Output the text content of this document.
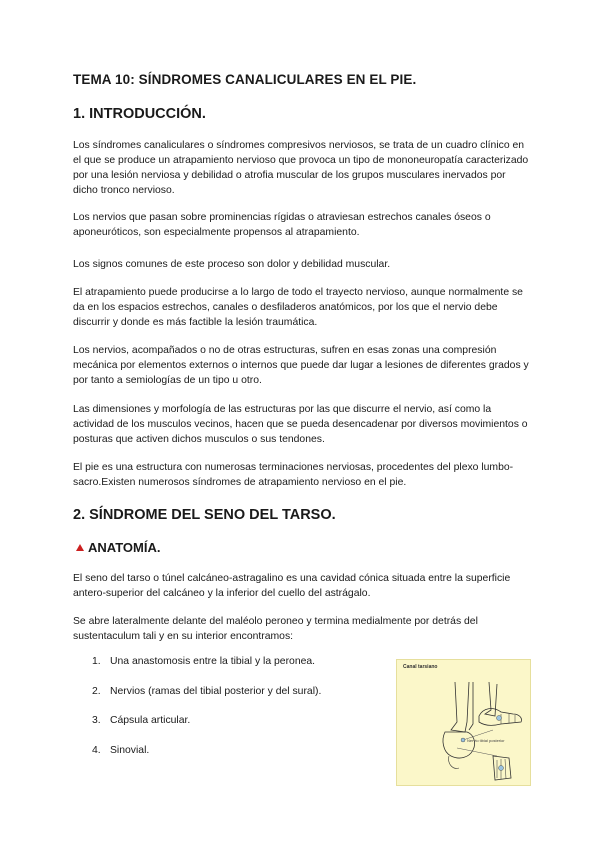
TEMA 10: SÍNDROMES CANALICULARES EN EL PIE.
1. INTRODUCCIÓN.

Los síndromes canaliculares o síndromes compresivos nerviosos, se trata de un cuadro clínico en el que se produce un atrapamiento nervioso que provoca un tipo de mononeuropatía caracterizado por una lesión nerviosa y debilidad o atrofia muscular de los grupos musculares inervados por dicho tronco nervioso.

Los nervios que pasan sobre prominencias rígidas o atraviesan estrechos canales óseos o aponeuróticos, son especialmente propensos al atrapamiento.

Los signos comunes de este proceso son dolor y debilidad muscular.

El atrapamiento puede producirse a lo largo de todo el trayecto nervioso, aunque normalmente se da en los espacios estrechos, canales o desfiladeros anatómicos, por los que el nervio debe discurrir y donde es más factible la lesión traumática.

Los nervios, acompañados o no de otras estructuras, sufren en esas zonas una compresión mecánica por elementos externos o internos que puede dar lugar a lesiones de diferentes grados y por tanto a semiologías de un tipo u otro.

Las dimensiones y morfología de las estructuras por las que discurre el nervio, así como la actividad de los musculos vecinos, hacen que se pueda desencadenar por diversos movimientos o posturas que activen dichos musculos o sus tendones.

El pie es una estructura con numerosas terminaciones nerviosas, procedentes del plexo lumbo-sacro.Existen numerosos síndromes de atrapamiento nervioso en el pie.

2. SÍNDROME DEL SENO DEL TARSO.
ANATOMÍA.

El seno del tarso o túnel calcáneo-astragalino es una cavidad cónica situada entre la superficie antero-superior del calcáneo y la inferior del cuello del astrágalo.

Se abre lateralmente delante del maléolo peroneo y termina medialmente por detrás del sustentaculum tali y en su interior encontramos:

1. Una anastomosis entre la tibial y la peronea.
2. Nervios (ramas del tibial posterior y del sural).
3. Cápsula articular.
4. Sinovial.
Canal tarsiano
Nervio tibial posterior
